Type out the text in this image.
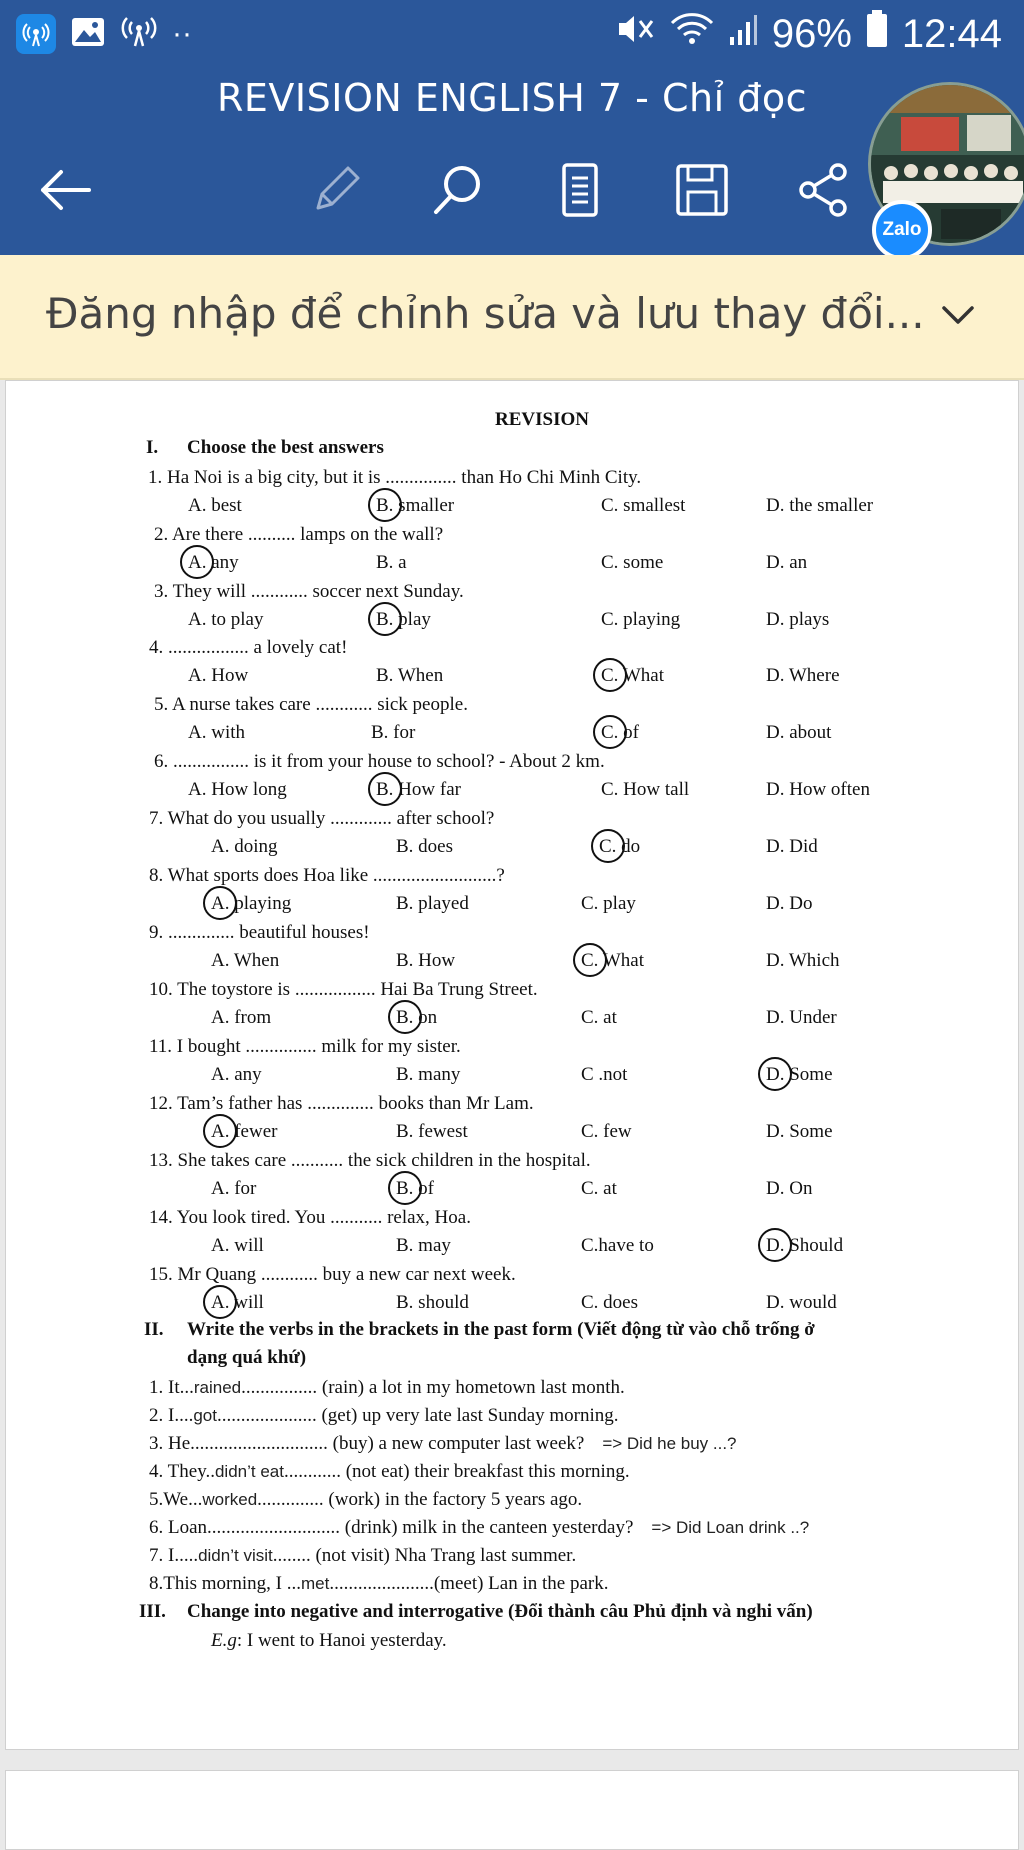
··	96% 12:44
REVISION ENGLISH 7 - Chỉ đọc
Zalo
Đăng nhập để chỉnh sửa và lưu thay đổi...
REVISION
I. Choose the best answers
1. Ha Noi is a big city, but it is ............... than Ho Chi Minh City.
A. best	B. smaller	C. smallest	D. the smaller
2. Are there .......... lamps on the wall?
A. any	B. a	C. some	D. an
3. They will ............ soccer next Sunday.
A. to play	B. play	C. playing	D. plays
4. ................. a lovely cat!
A. How	B. When	C. What	D. Where
5. A nurse takes care ............ sick people.
A. with	B. for	C. of	D. about
6. ................ is it from your house to school? - About 2 km.
A. How long	B. How far	C. How tall	D. How often
7. What do you usually ............. after school?
A. doing	B. does	C. do	D. Did
8. What sports does Hoa like ..........................?
A. playing	B. played	C. play	D. Do
9. .............. beautiful houses!
A. When	B. How	C. What	D. Which
10. The toystore is ................. Hai Ba Trung Street.
A. from	B. on	C. at	D. Under
11. I bought ............... milk for my sister.
A. any	B. many	C .not	D. Some
12. Tam’s father has .............. books than Mr Lam.
A. fewer	B. fewest	C. few	D. Some
13. She takes care ........... the sick children in the hospital.
A. for	B. of	C. at	D. On
14. You look tired. You ........... relax, Hoa.
A. will	B. may	C.have to	D. Should
15. Mr Quang ............ buy a new car next week.
A. will	B. should	C. does	D. would
II. Write the verbs in the brackets in the past form (Viết động từ vào chỗ trống ở
dạng quá khứ)
1. It...rained................ (rain) a lot in my hometown last month.
2. I....got..................... (get) up very late last Sunday morning.
3. He............................. (buy) a new computer last week? => Did he buy ...?
4. They..didn’t eat............ (not eat) their breakfast this morning.
5.We...worked.............. (work) in the factory 5 years ago.
6. Loan............................ (drink) milk in the canteen yesterday? => Did Loan drink ..?
7. I.....didn’t visit........ (not visit) Nha Trang last summer.
8.This morning, I ...met......................(meet) Lan in the park.
III. Change into negative and interrogative (Đổi thành câu Phủ định và nghi vấn)
E.g: I went to Hanoi yesterday.
